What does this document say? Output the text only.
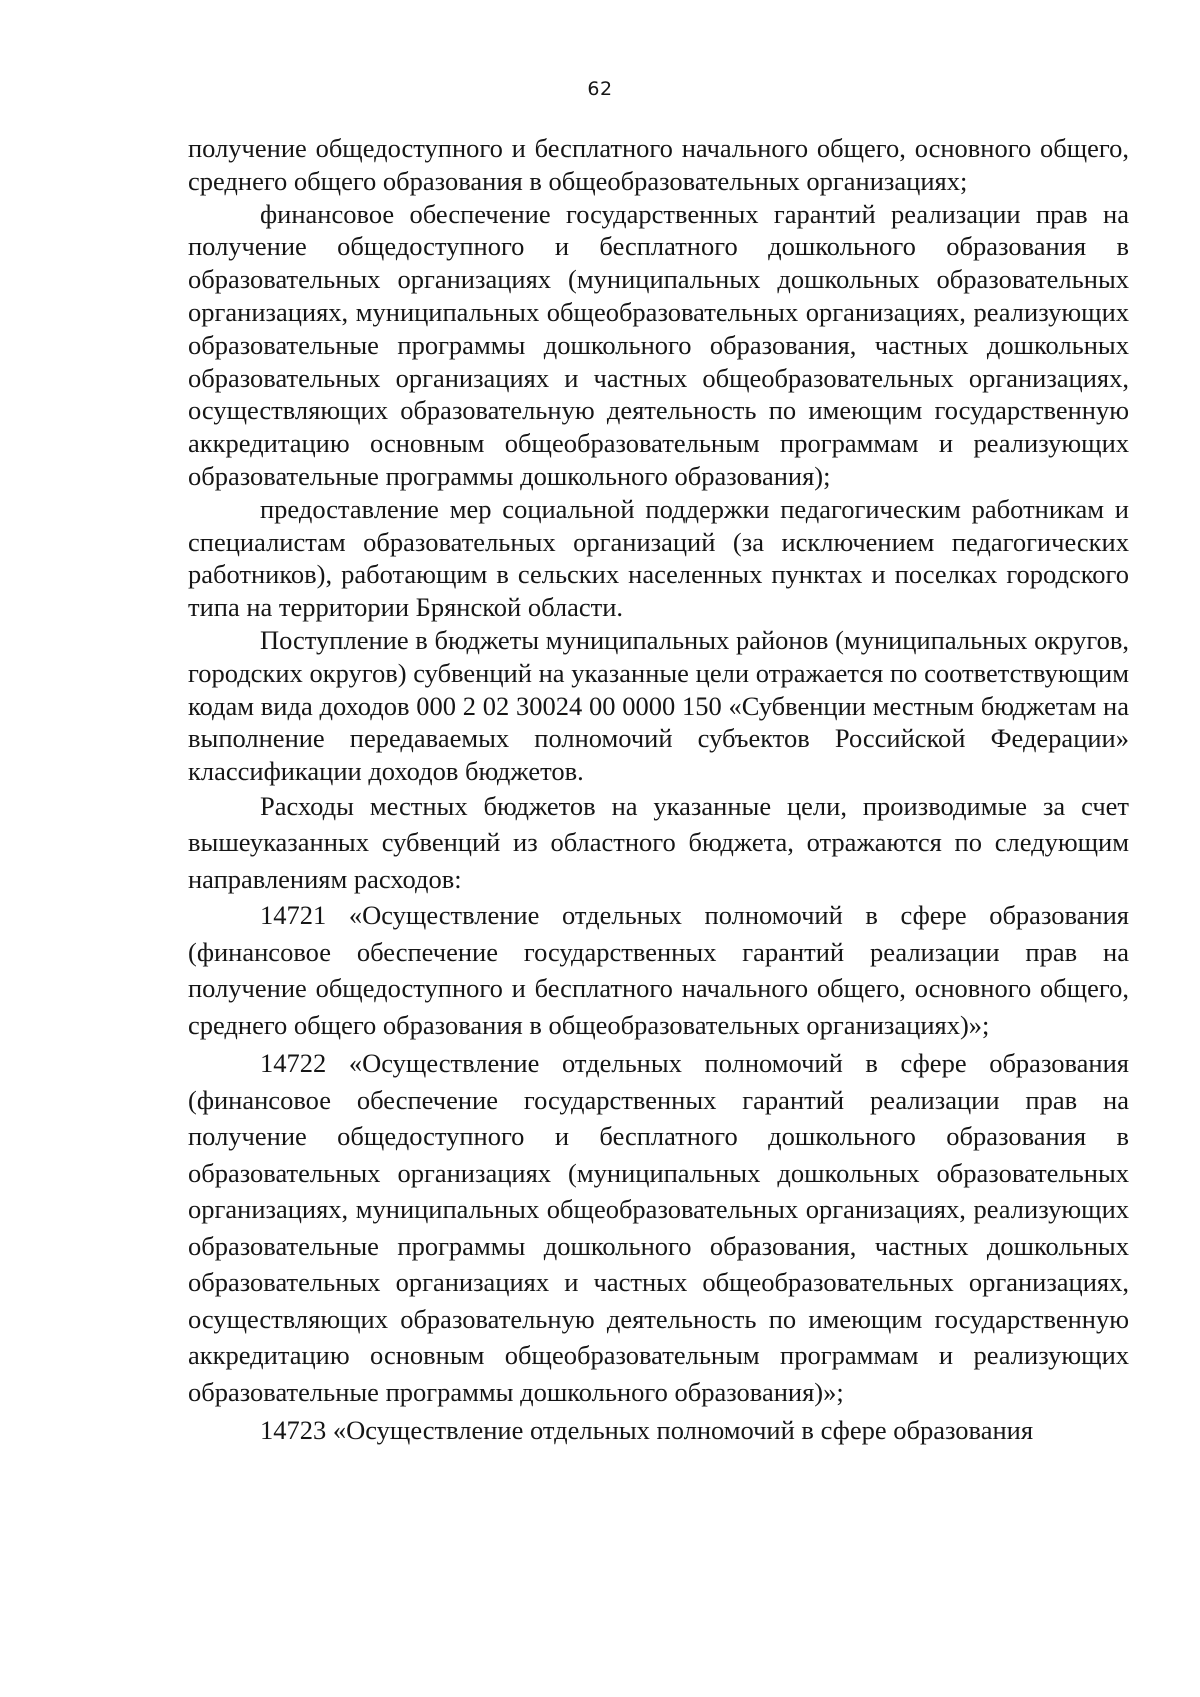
62

получение общедоступного и бесплатного начального общего, основного общего, среднего общего образования в общеобразовательных организациях;

финансовое обеспечение государственных гарантий реализации прав на получение общедоступного и бесплатного дошкольного образования в образовательных организациях (муниципальных дошкольных образовательных организациях, муниципальных общеобразовательных организациях, реализующих образовательные программы дошкольного образования, частных дошкольных образовательных организациях и частных общеобразовательных организациях, осуществляющих образовательную деятельность по имеющим государственную аккредитацию основным общеобразовательным программам и реализующих образовательные программы дошкольного образования);

предоставление мер социальной поддержки педагогическим работникам и специалистам образовательных организаций (за исключением педагогических работников), работающим в сельских населенных пунктах и поселках городского типа на территории Брянской области.

Поступление в бюджеты муниципальных районов (муниципальных округов, городских округов) субвенций на указанные цели отражается по соответствующим кодам вида доходов 000 2 02 30024 00 0000 150 «Субвенции местным бюджетам на выполнение передаваемых полномочий субъектов Российской Федерации» классификации доходов бюджетов.

Расходы местных бюджетов на указанные цели, производимые за счет вышеуказанных субвенций из областного бюджета, отражаются по следующим направлениям расходов:

14721 «Осуществление отдельных полномочий в сфере образования (финансовое обеспечение государственных гарантий реализации прав на получение общедоступного и бесплатного начального общего, основного общего, среднего общего образования в общеобразовательных организациях)»;

14722 «Осуществление отдельных полномочий в сфере образования (финансовое обеспечение государственных гарантий реализации прав на получение общедоступного и бесплатного дошкольного образования в образовательных организациях (муниципальных дошкольных образовательных организациях, муниципальных общеобразовательных организациях, реализующих образовательные программы дошкольного образования, частных дошкольных образовательных организациях и частных общеобразовательных организациях, осуществляющих образовательную деятельность по имеющим государственную аккредитацию основным общеобразовательным программам и реализующих образовательные программы дошкольного образования)»;

14723 «Осуществление отдельных полномочий в сфере образования
